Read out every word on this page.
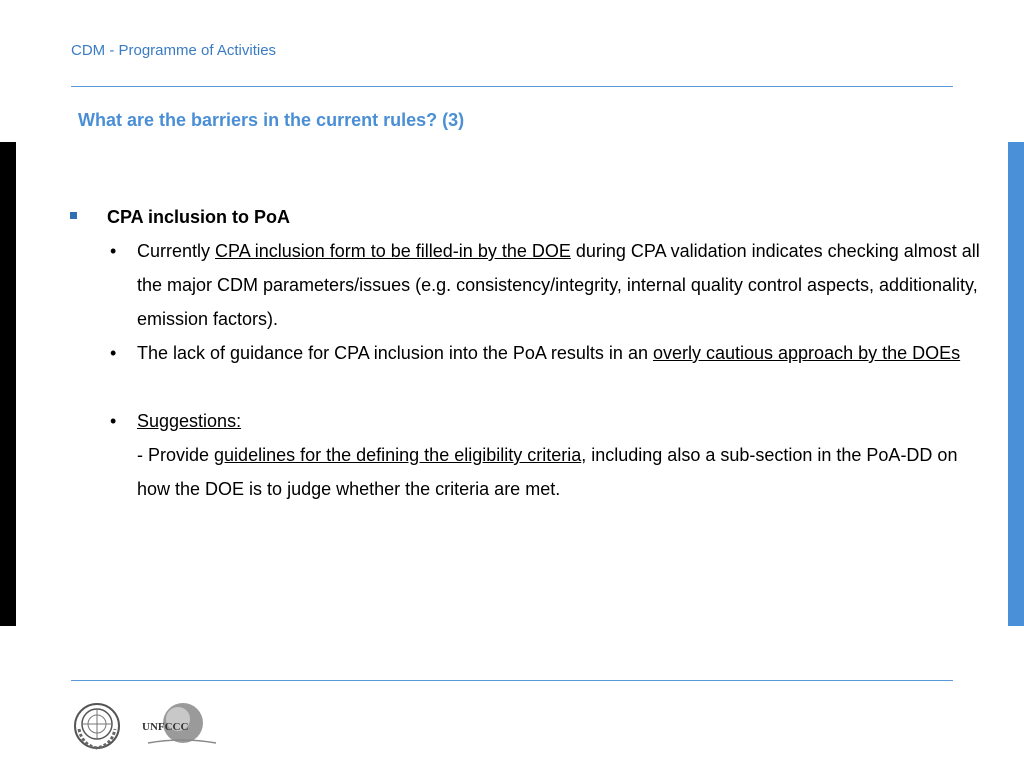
CDM - Programme of Activities
What are the barriers in the current rules? (3)
CPA inclusion to PoA
• Currently CPA inclusion form to be filled-in by the DOE during CPA validation indicates checking almost all the major CDM parameters/issues (e.g. consistency/integrity, internal quality control aspects, additionality, emission factors).
• The lack of guidance for CPA inclusion into the PoA results in an overly cautious approach by the DOEs
• Suggestions:
- Provide guidelines for the defining the eligibility criteria, including also a sub-section in the PoA-DD on how the DOE is to judge whether the criteria are met.
UNFCCC
